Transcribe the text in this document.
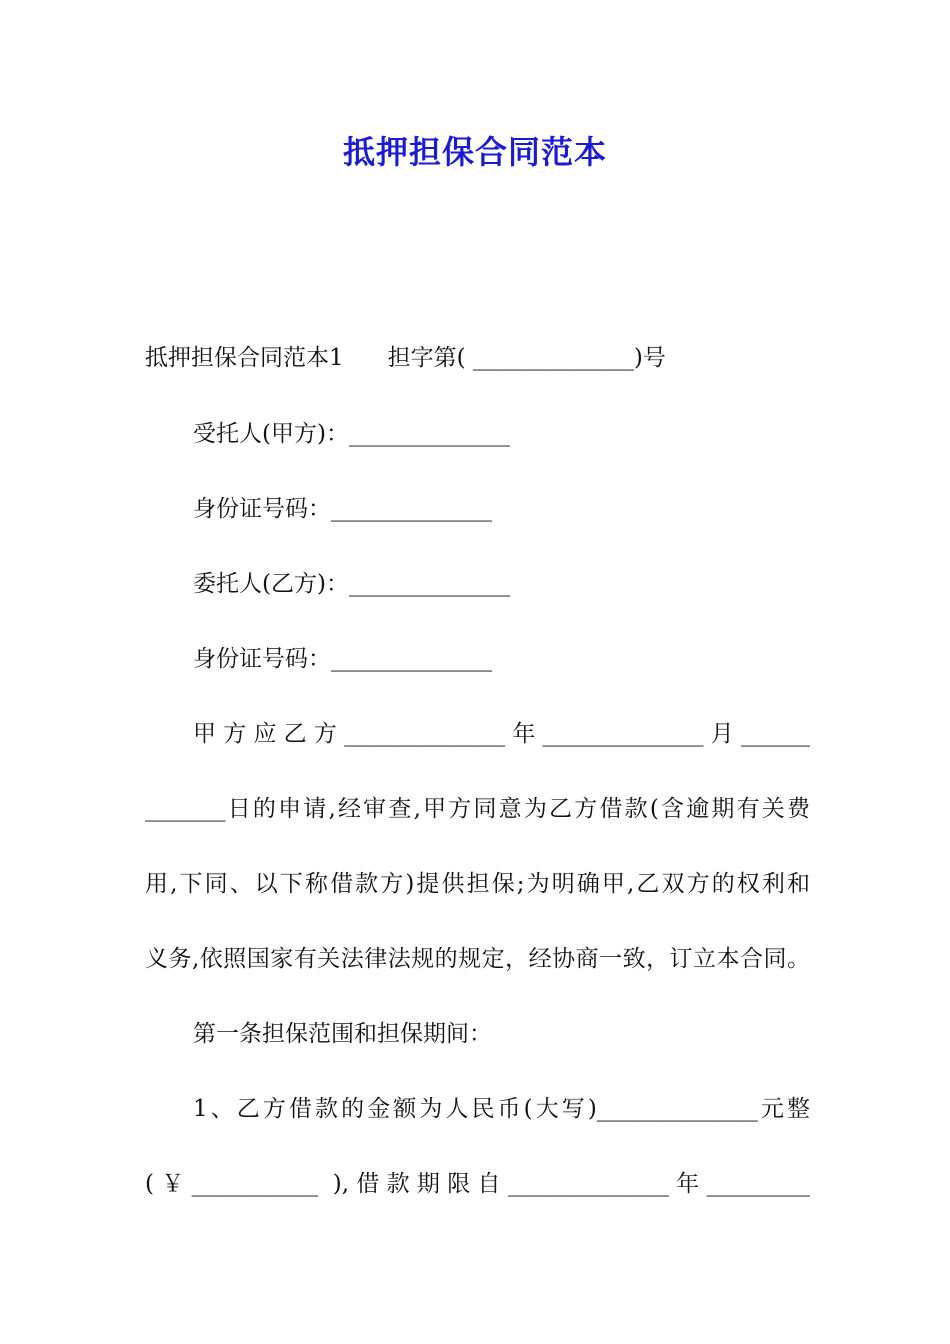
抵押担保合同范本
抵押担保合同范本1 担字第( ______________)号
受托人(甲方)：______________
身份证号码：______________
委托人(乙方)：______________
身份证号码：______________
甲方应乙方______________年______________月______
_______日的申请,经审查,甲方同意为乙方借款(含逾期有关费
用,下同、以下称借款方)提供担保;为明确甲,乙双方的权利和
义务,依照国家有关法律法规的规定，经协商一致，订立本合同。
第一条担保范围和担保期间：
1、乙方借款的金额为人民币(大写)______________元整
(￥___________ ),借款期限自______________年_________
